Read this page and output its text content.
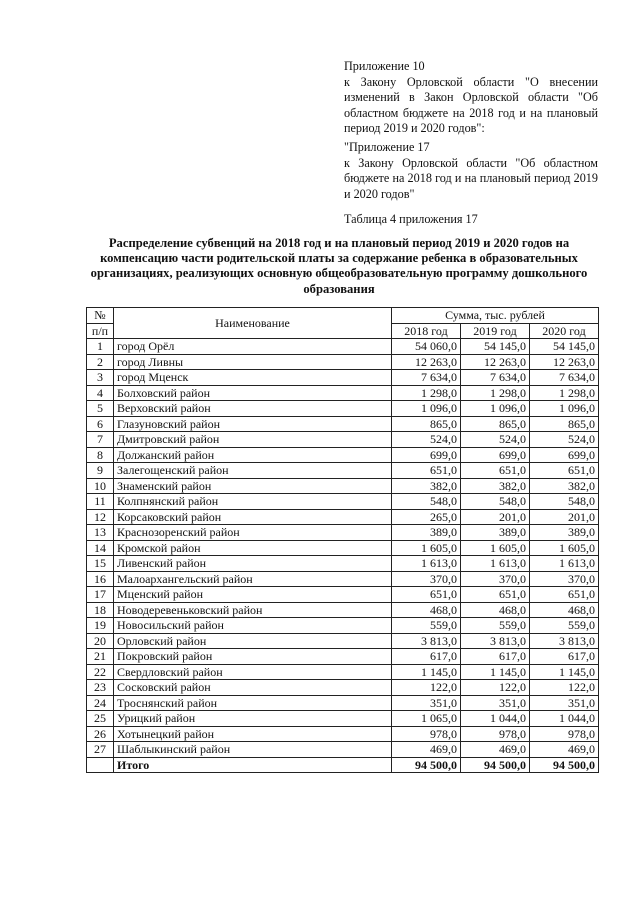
Приложение 10

к Закону Орловской области "О внесении изменений в Закон Орловской области "Об областном бюджете на 2018 год и на плановый период 2019 и 2020 годов":

"Приложение 17

к Закону Орловской области "Об областном бюджете на 2018 год и на плановый период 2019 и 2020 годов"

Таблица 4 приложения 17
Распределение субвенций на 2018 год и на плановый период 2019 и 2020 годов на компенсацию части родительской платы за содержание ребенка в образовательных организациях, реализующих основную общеобразовательную программу дошкольного образования
№	Наименование	Сумма, тыс. рублей		
п/п		2018 год	2019 год	2020 год
1	город Орёл	54 060,0	54 145,0	54 145,0
2	город Ливны	12 263,0	12 263,0	12 263,0
3	город Мценск	7 634,0	7 634,0	7 634,0
4	Болховский район	1 298,0	1 298,0	1 298,0
5	Верховский район	1 096,0	1 096,0	1 096,0
6	Глазуновский район	865,0	865,0	865,0
7	Дмитровский район	524,0	524,0	524,0
8	Должанский район	699,0	699,0	699,0
9	Залегощенский район	651,0	651,0	651,0
10	Знаменский район	382,0	382,0	382,0
11	Колпнянский район	548,0	548,0	548,0
12	Корсаковский район	265,0	201,0	201,0
13	Краснозоренский район	389,0	389,0	389,0
14	Кромской район	1 605,0	1 605,0	1 605,0
15	Ливенский район	1 613,0	1 613,0	1 613,0
16	Малоархангельский район	370,0	370,0	370,0
17	Мценский район	651,0	651,0	651,0
18	Новодеревеньковский район	468,0	468,0	468,0
19	Новосильский район	559,0	559,0	559,0
20	Орловский район	3 813,0	3 813,0	3 813,0
21	Покровский район	617,0	617,0	617,0
22	Свердловский район	1 145,0	1 145,0	1 145,0
23	Сосковский район	122,0	122,0	122,0
24	Троснянский район	351,0	351,0	351,0
25	Урицкий район	1 065,0	1 044,0	1 044,0
26	Хотынецкий район	978,0	978,0	978,0
27	Шаблыкинский район	469,0	469,0	469,0
	Итого	94 500,0	94 500,0	94 500,0
